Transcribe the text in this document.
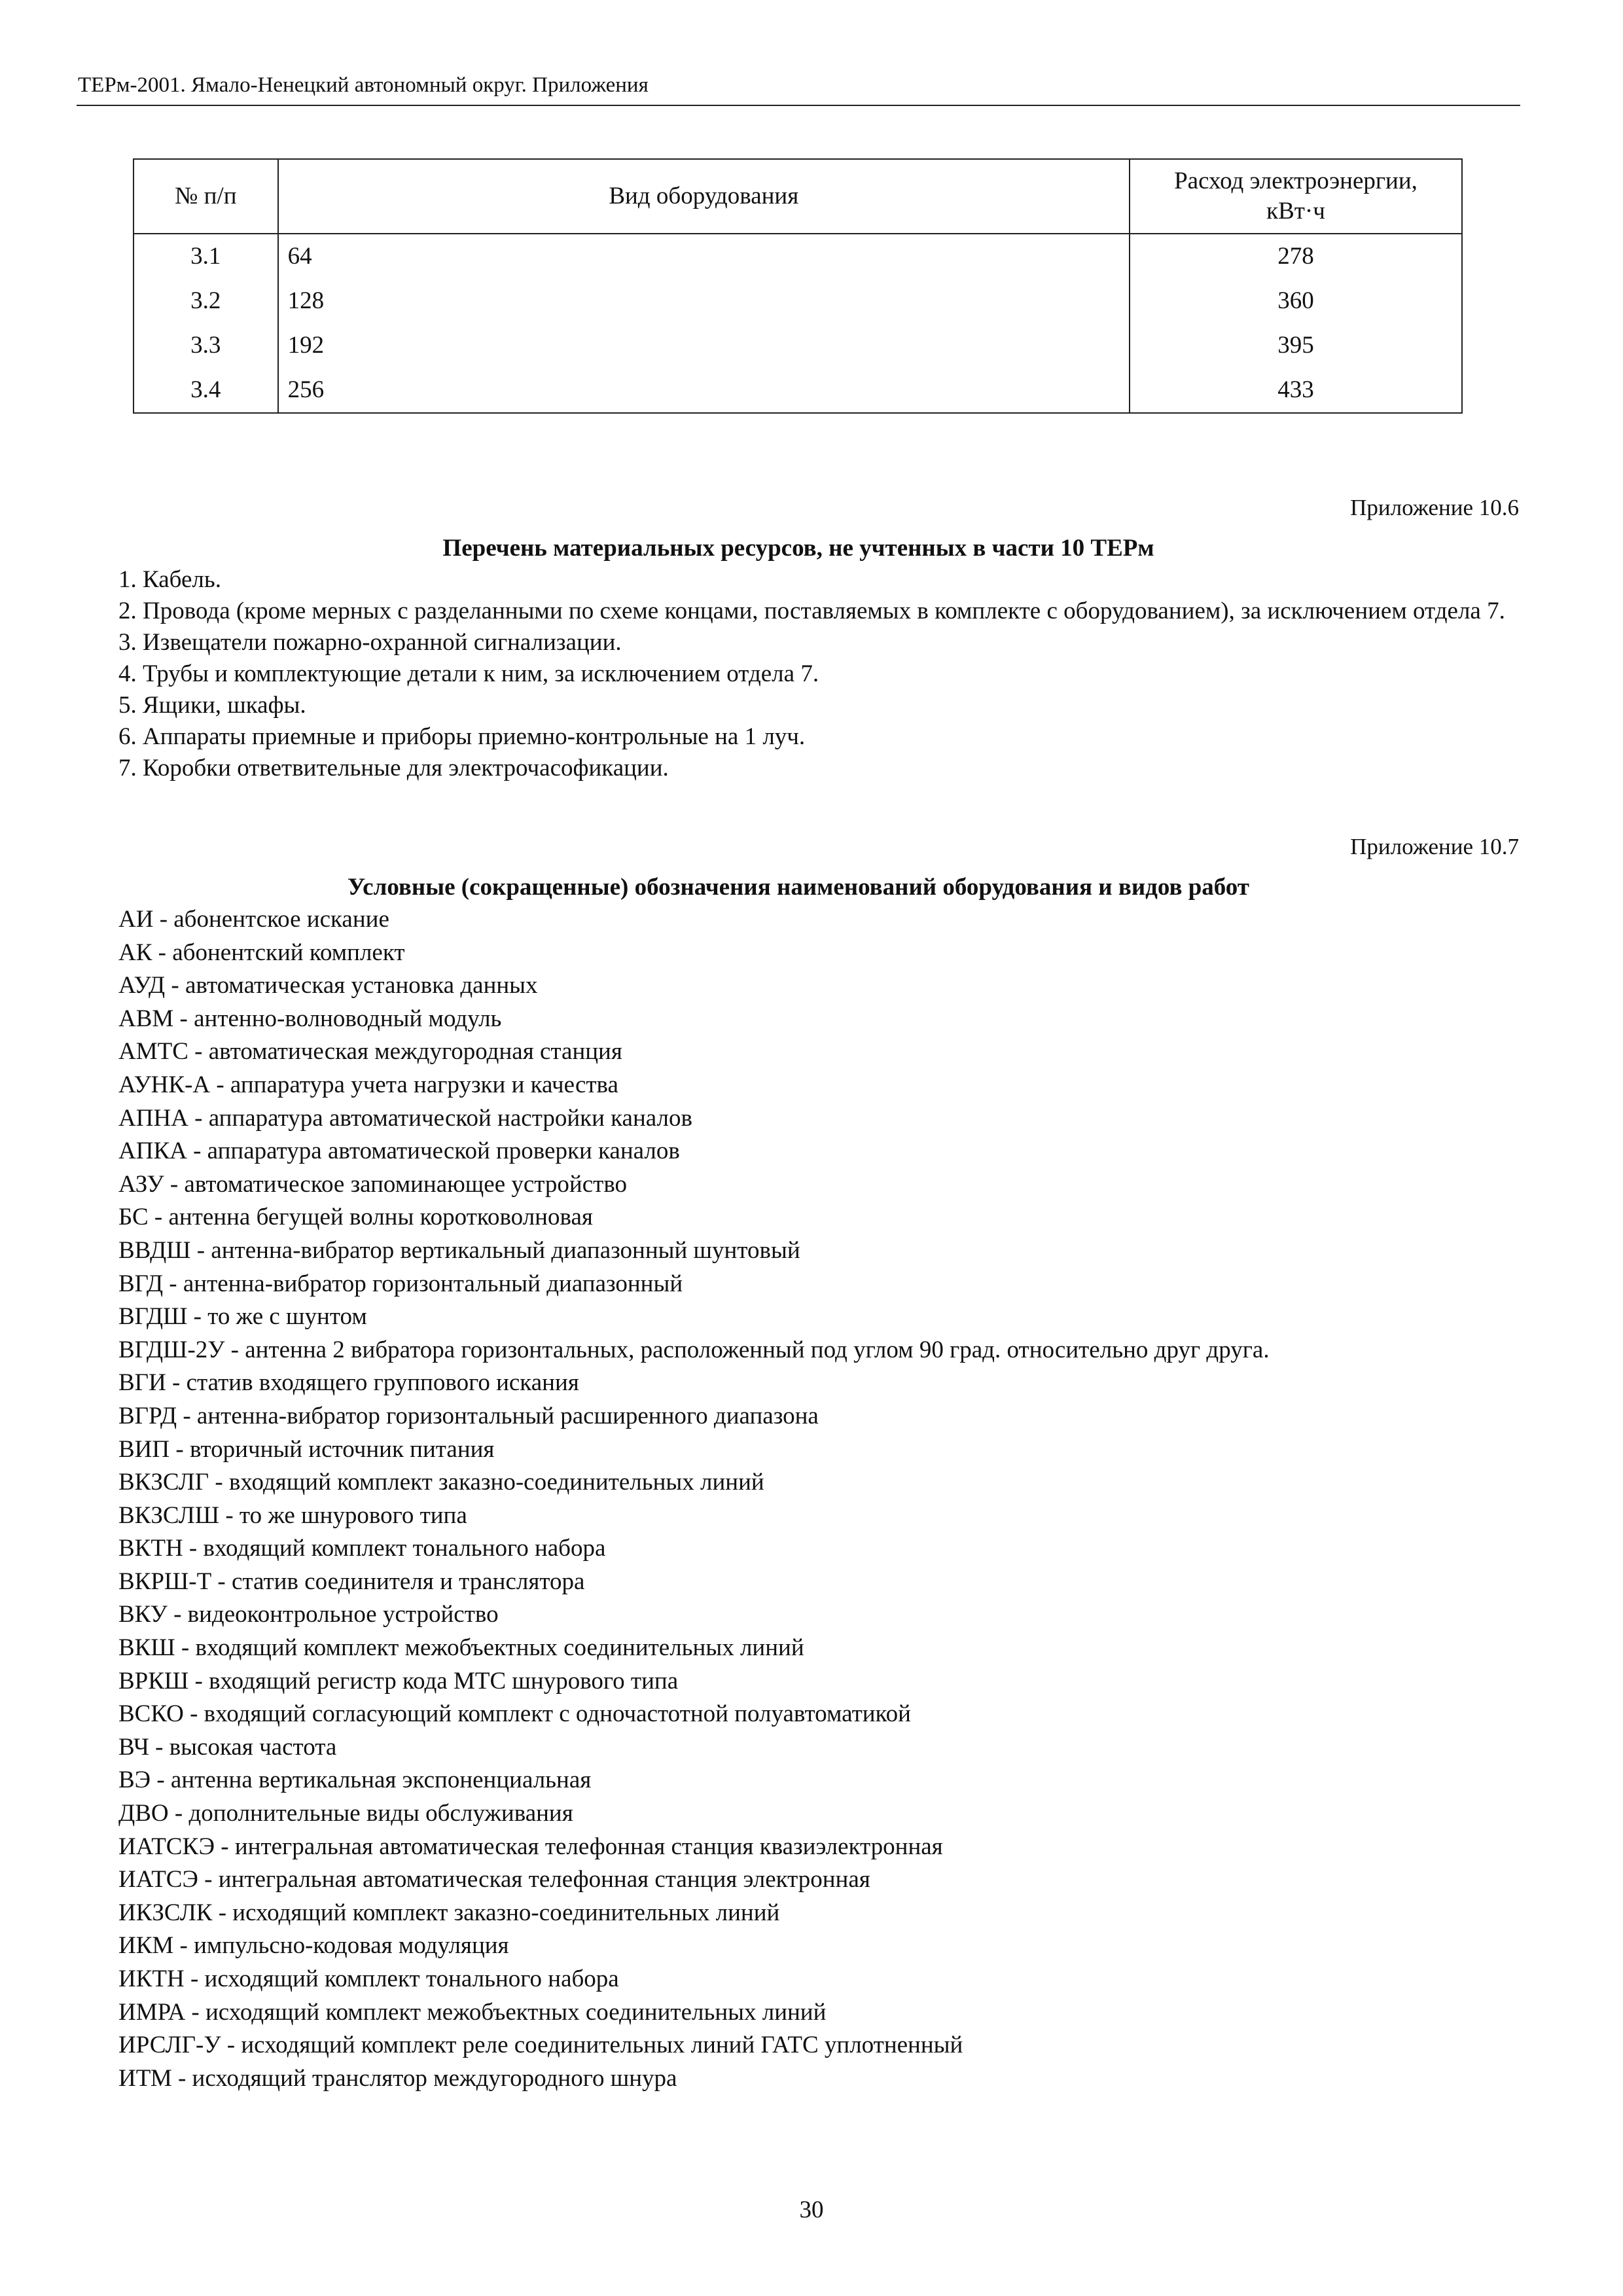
ТЕРм-2001. Ямало-Ненецкий автономный округ. Приложения
№ п/п	Вид оборудования	Расход электроэнергии,
кВт·ч

3.1	64	278
3.2	128	360
3.3	192	395
3.4	256	433
Приложение 10.6
Перечень материальных ресурсов, не учтенных в части 10 ТЕРм
1. Кабель.
2. Провода (кроме мерных с разделанными по схеме концами, поставляемых в комплекте с оборудованием), за исключением отдела 7.
3. Извещатели пожарно-охранной сигнализации.
4. Трубы и комплектующие детали к ним, за исключением отдела 7.
5. Ящики, шкафы.
6. Аппараты приемные и приборы приемно-контрольные на 1 луч.
7. Коробки ответвительные для электрочасофикации.
Приложение 10.7
Условные (сокращенные) обозначения наименований оборудования и видов работ
АИ - абонентское искание
АК - абонентский комплект
АУД - автоматическая установка данных
АВМ - антенно-волноводный модуль
АМТС - автоматическая междугородная станция
АУНК-А - аппаратура учета нагрузки и качества
АПНА - аппаратура автоматической настройки каналов
АПКА - аппаратура автоматической проверки каналов
АЗУ - автоматическое запоминающее устройство
БС - антенна бегущей волны коротковолновая
ВВДШ - антенна-вибратор вертикальный диапазонный шунтовый
ВГД - антенна-вибратор горизонтальный диапазонный
ВГДШ - то же с шунтом
ВГДШ-2У - антенна 2 вибратора горизонтальных, расположенный под углом 90 град. относительно друг друга.
ВГИ - статив входящего группового искания
ВГРД - антенна-вибратор горизонтальный расширенного диапазона
ВИП - вторичный источник питания
ВКЗСЛГ - входящий комплект заказно-соединительных линий
ВКЗСЛШ - то же шнурового типа
ВКТН - входящий комплект тонального набора
ВКРШ-Т - статив соединителя и транслятора
ВКУ - видеоконтрольное устройство
ВКШ - входящий комплект межобъектных соединительных линий
ВРКШ - входящий регистр кода МТС шнурового типа
ВСКО - входящий согласующий комплект с одночастотной полуавтоматикой
ВЧ - высокая частота
ВЭ - антенна вертикальная экспоненциальная
ДВО - дополнительные виды обслуживания
ИАТСКЭ - интегральная автоматическая телефонная станция квазиэлектронная
ИАТСЭ - интегральная автоматическая телефонная станция электронная
ИКЗСЛК - исходящий комплект заказно-соединительных линий
ИКМ - импульсно-кодовая модуляция
ИКТН - исходящий комплект тонального набора
ИМРА - исходящий комплект межобъектных соединительных линий
ИРСЛГ-У - исходящий комплект реле соединительных линий ГАТС уплотненный
ИТМ - исходящий транслятор междугородного шнура
30
